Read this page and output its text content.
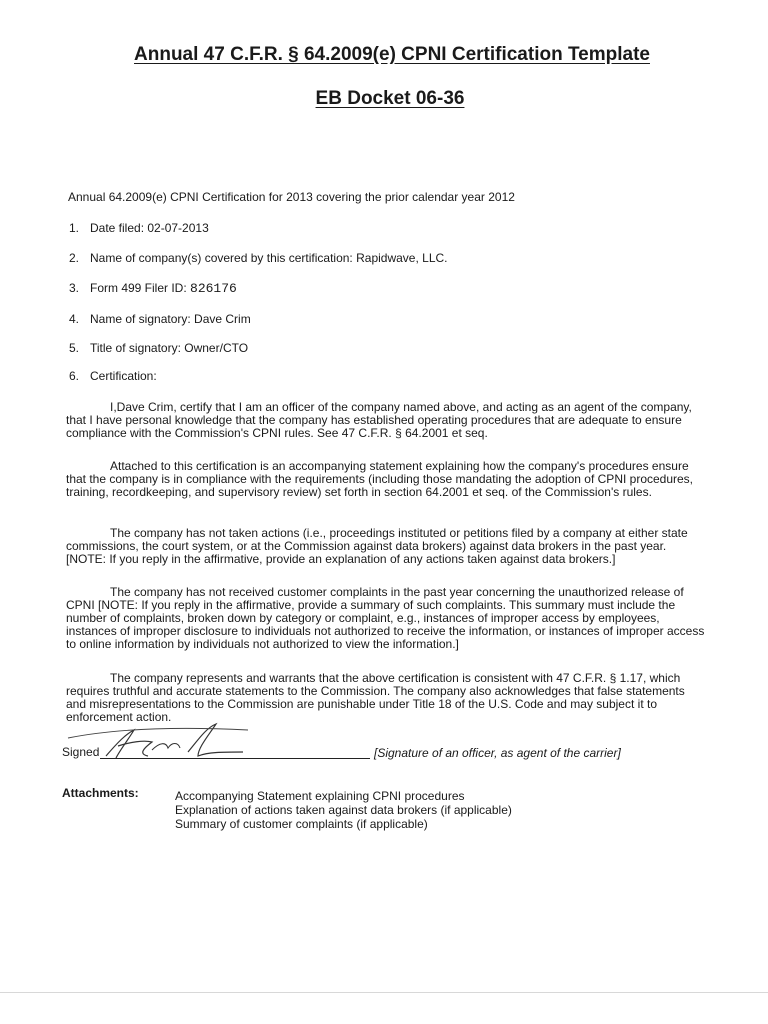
Annual 47 C.F.R. § 64.2009(e) CPNI Certification Template
EB Docket 06-36
Annual 64.2009(e) CPNI Certification for 2013 covering the prior calendar year 2012
1. Date filed: 02-07-2013
2. Name of company(s) covered by this certification: Rapidwave, LLC.
3. Form 499 Filer ID: 826176
4. Name of signatory: Dave Crim
5. Title of signatory: Owner/CTO
6. Certification:
I,Dave Crim, certify that I am an officer of the company named above, and acting as an agent of the company, that I have personal knowledge that the company has established operating procedures that are adequate to ensure compliance with the Commission's CPNI rules. See 47 C.F.R. § 64.2001 et seq.
Attached to this certification is an accompanying statement explaining how the company's procedures ensure that the company is in compliance with the requirements (including those mandating the adoption of CPNI procedures, training, recordkeeping, and supervisory review) set forth in section 64.2001 et seq. of the Commission's rules.
The company has not taken actions (i.e., proceedings instituted or petitions filed by a company at either state commissions, the court system, or at the Commission against data brokers) against data brokers in the past year. [NOTE: If you reply in the affirmative, provide an explanation of any actions taken against data brokers.]
The company has not received customer complaints in the past year concerning the unauthorized release of CPNI [NOTE: If you reply in the affirmative, provide a summary of such complaints. This summary must include the number of complaints, broken down by category or complaint, e.g., instances of improper access by employees, instances of improper disclosure to individuals not authorized to receive the information, or instances of improper access to online information by individuals not authorized to view the information.]
The company represents and warrants that the above certification is consistent with 47 C.F.R. § 1.17, which requires truthful and accurate statements to the Commission. The company also acknowledges that false statements and misrepresentations to the Commission are punishable under Title 18 of the U.S. Code and may subject it to enforcement action.
Signed	[Signature of an officer, as agent of the carrier]
Attachments:	Accompanying Statement explaining CPNI procedures
Explanation of actions taken against data brokers (if applicable)
Summary of customer complaints (if applicable)
